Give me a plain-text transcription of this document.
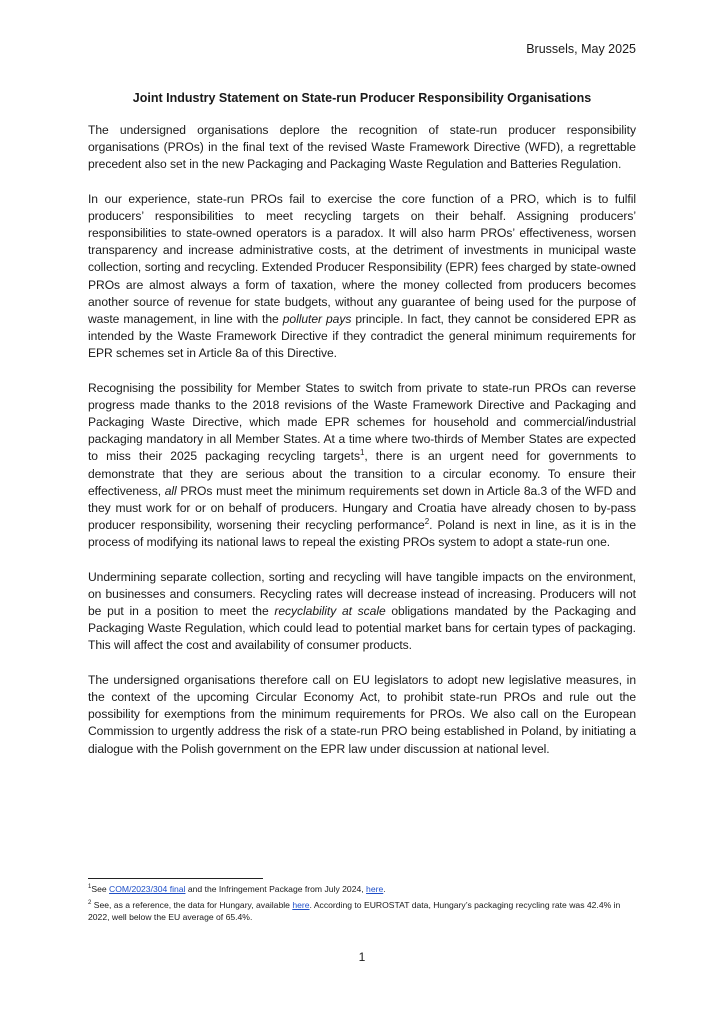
Brussels, May 2025

Joint Industry Statement on State-run Producer Responsibility Organisations

The undersigned organisations deplore the recognition of state-run producer responsibility organisations (PROs) in the final text of the revised Waste Framework Directive (WFD), a regrettable precedent also set in the new Packaging and Packaging Waste Regulation and Batteries Regulation.

In our experience, state-run PROs fail to exercise the core function of a PRO, which is to fulfil producers’ responsibilities to meet recycling targets on their behalf. Assigning producers’ responsibilities to state-owned operators is a paradox. It will also harm PROs’ effectiveness, worsen transparency and increase administrative costs, at the detriment of investments in municipal waste collection, sorting and recycling. Extended Producer Responsibility (EPR) fees charged by state-owned PROs are almost always a form of taxation, where the money collected from producers becomes another source of revenue for state budgets, without any guarantee of being used for the purpose of waste management, in line with the polluter pays principle. In fact, they cannot be considered EPR as intended by the Waste Framework Directive if they contradict the general minimum requirements for EPR schemes set in Article 8a of this Directive.

Recognising the possibility for Member States to switch from private to state-run PROs can reverse progress made thanks to the 2018 revisions of the Waste Framework Directive and Packaging and Packaging Waste Directive, which made EPR schemes for household and commercial/industrial packaging mandatory in all Member States. At a time where two-thirds of Member States are expected to miss their 2025 packaging recycling targets$^1$, there is an urgent need for governments to demonstrate that they are serious about the transition to a circular economy. To ensure their effectiveness, all PROs must meet the minimum requirements set down in Article 8a.3 of the WFD and they must work for or on behalf of producers. Hungary and Croatia have already chosen to by-pass producer responsibility, worsening their recycling performance$^2$. Poland is next in line, as it is in the process of modifying its national laws to repeal the existing PROs system to adopt a state-run one.

Undermining separate collection, sorting and recycling will have tangible impacts on the environment, on businesses and consumers. Recycling rates will decrease instead of increasing. Producers will not be put in a position to meet the recyclability at scale obligations mandated by the Packaging and Packaging Waste Regulation, which could lead to potential market bans for certain types of packaging. This will affect the cost and availability of consumer products.

The undersigned organisations therefore call on EU legislators to adopt new legislative measures, in the context of the upcoming Circular Economy Act, to prohibit state-run PROs and rule out the possibility for exemptions from the minimum requirements for PROs. We also call on the European Commission to urgently address the risk of a state-run PRO being established in Poland, by initiating a dialogue with the Polish government on the EPR law under discussion at national level.

$^1$See COM/2023/304 final and the Infringement Package from July 2024, here.

$^2$ See, as a reference, the data for Hungary, available here. According to EUROSTAT data, Hungary’s packaging recycling rate was 42.4% in 2022, well below the EU average of 65.4%.

1
